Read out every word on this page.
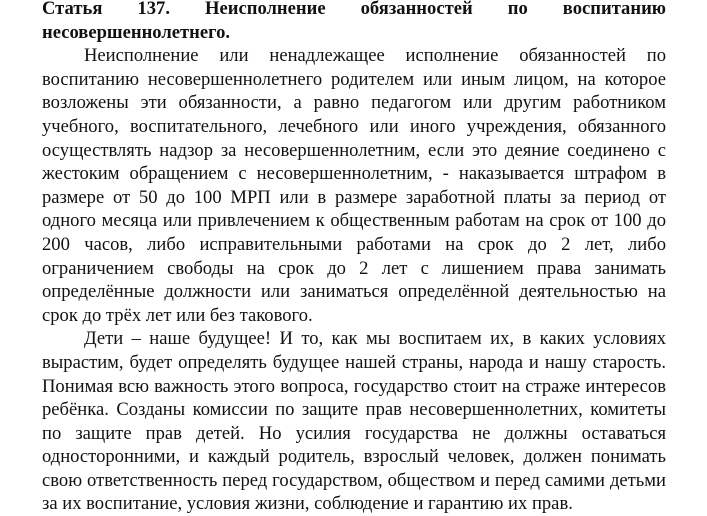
Статья 137. Неисполнение обязанностей по воспитанию несовершеннолетнего.

Неисполнение или ненадлежащее исполнение обязанностей по воспитанию несовершеннолетнего родителем или иным лицом, на которое возложены эти обязанности, а равно педагогом или другим работником учебного, воспитательного, лечебного или иного учреждения, обязанного осуществлять надзор за несовершеннолетним, если это деяние соединено с жестоким обращением с несовершеннолетним, - наказывается штрафом в размере от 50 до 100 МРП или в размере заработной платы за период от одного месяца или привлечением к общественным работам на срок от 100 до 200 часов, либо исправительными работами на срок до 2 лет, либо ограничением свободы на срок до 2 лет с лишением права занимать определённые должности или заниматься определённой деятельностью на срок до трёх лет или без такового.

Дети – наше будущее! И то, как мы воспитаем их, в каких условиях вырастим, будет определять будущее нашей страны, народа и нашу старость. Понимая всю важность этого вопроса, государство стоит на страже интересов ребёнка. Созданы комиссии по защите прав несовершеннолетних, комитеты по защите прав детей. Но усилия государства не должны оставаться односторонними, и каждый родитель, взрослый человек, должен понимать свою ответственность перед государством, обществом и перед самими детьми за их воспитание, условия жизни, соблюдение и гарантию их прав.
